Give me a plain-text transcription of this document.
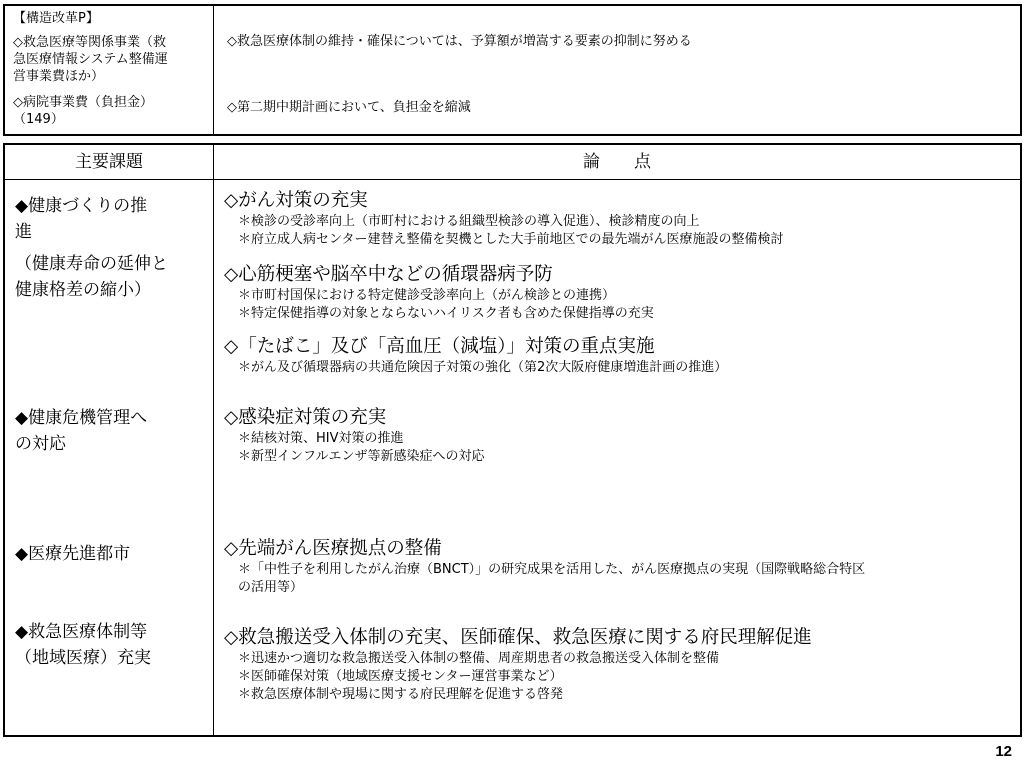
【構造改革P】
◇救急医療等関係事業（救
急医療情報システム整備運
営事業費ほか）
◇病院事業費（負担金）
（149）
◇救急医療体制の維持・確保については、予算額が増嵩する要素の抑制に努める
◇第二期中期計画において、負担金を縮減
主要課題	論　　点
◆健康づくりの推
進
（健康寿命の延伸と
健康格差の縮小）
◆健康危機管理へ
の対応
◆医療先進都市
◆救急医療体制等
（地域医療）充実
◇がん対策の充実
＊検診の受診率向上（市町村における組織型検診の導入促進）、検診精度の向上
＊府立成人病センター建替え整備を契機とした大手前地区での最先端がん医療施設の整備検討
◇心筋梗塞や脳卒中などの循環器病予防
＊市町村国保における特定健診受診率向上（がん検診との連携）
＊特定保健指導の対象とならないハイリスク者も含めた保健指導の充実
◇「たばこ」及び「高血圧（減塩）」対策の重点実施
＊がん及び循環器病の共通危険因子対策の強化（第2次大阪府健康増進計画の推進）
◇感染症対策の充実
＊結核対策、HIV対策の推進
＊新型インフルエンザ等新感染症への対応
◇先端がん医療拠点の整備
＊「中性子を利用したがん治療（BNCT）」の研究成果を活用した、がん医療拠点の実現（国際戦略総合特区
の活用等）
◇救急搬送受入体制の充実、医師確保、救急医療に関する府民理解促進
＊迅速かつ適切な救急搬送受入体制の整備、周産期患者の救急搬送受入体制を整備
＊医師確保対策（地域医療支援センター運営事業など）
＊救急医療体制や現場に関する府民理解を促進する啓発
12
